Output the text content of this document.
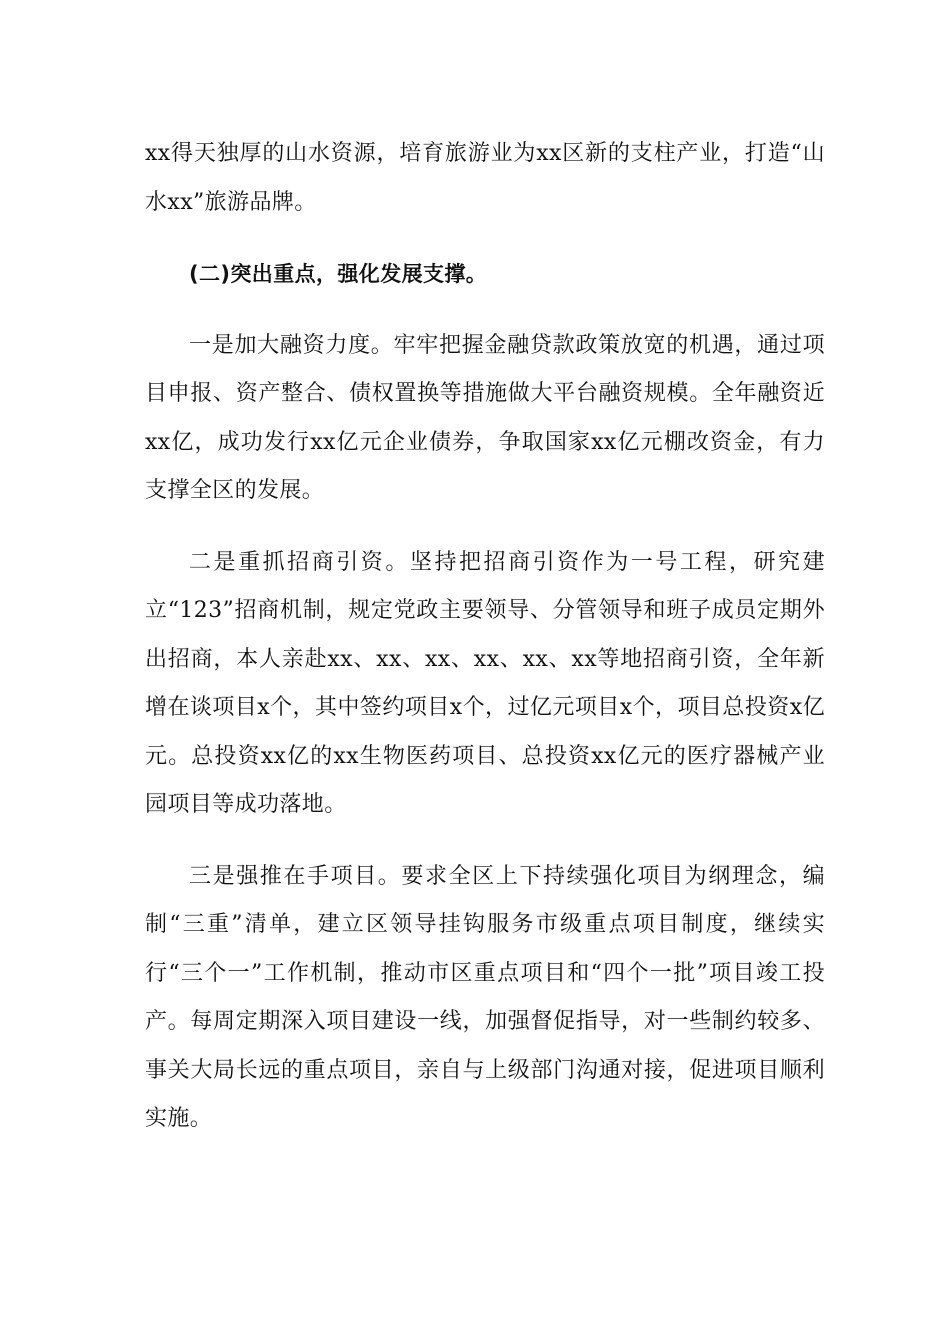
xx得天独厚的山水资源，培育旅游业为xx区新的支柱产业，打造“山水xx”旅游品牌。

(二)突出重点，强化发展支撑。

一是加大融资力度。牢牢把握金融贷款政策放宽的机遇，通过项目申报、资产整合、债权置换等措施做大平台融资规模。全年融资近xx亿，成功发行xx亿元企业债券，争取国家xx亿元棚改资金，有力支撑全区的发展。

二是重抓招商引资。坚持把招商引资作为一号工程，研究建立“123”招商机制，规定党政主要领导、分管领导和班子成员定期外出招商，本人亲赴xx、xx、xx、xx、xx、xx等地招商引资，全年新增在谈项目x个，其中签约项目x个，过亿元项目x个，项目总投资x亿元。总投资xx亿的xx生物医药项目、总投资xx亿元的医疗器械产业园项目等成功落地。

三是强推在手项目。要求全区上下持续强化项目为纲理念，编制“三重”清单，建立区领导挂钩服务市级重点项目制度，继续实行“三个一”工作机制，推动市区重点项目和“四个一批”项目竣工投产。每周定期深入项目建设一线，加强督促指导，对一些制约较多、事关大局长远的重点项目，亲自与上级部门沟通对接，促进项目顺利实施。
